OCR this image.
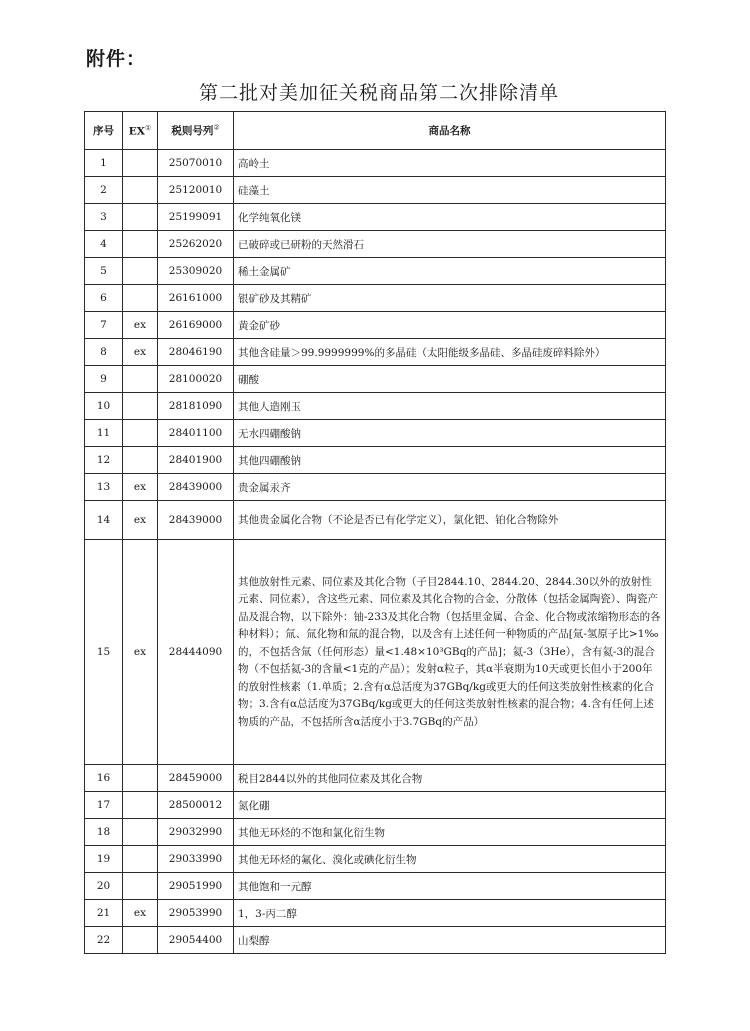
附件：
第二批对美加征关税商品第二次排除清单
序号	EX①	税则号列②	商品名称
1		25070010	高岭土
2		25120010	硅藻土
3		25199091	化学纯氧化镁
4		25262020	已破碎或已研粉的天然滑石
5		25309020	稀土金属矿
6		26161000	银矿砂及其精矿
7	ex	26169000	黄金矿砂
8	ex	28046190	其他含硅量＞99.9999999%的多晶硅（太阳能级多晶硅、多晶硅废碎料除外）
9		28100020	硼酸
10		28181090	其他人造刚玉
11		28401100	无水四硼酸钠
12		28401900	其他四硼酸钠
13	ex	28439000	贵金属汞齐
14	ex	28439000	其他贵金属化合物（不论是否已有化学定义），氯化钯、铂化合物除外
15	ex	28444090	其他放射性元素、同位素及其化合物（子目2844.10、2844.20、2844.30以外的放射性元素、同位素），含这些元素、同位素及其化合物的合金、分散体（包括金属陶瓷）、陶瓷产品及混合物，以下除外：铀-233及其化合物（包括里金属、合金、化合物或浓缩物形态的各种材料）；氚、氚化物和氚的混合物，以及含有上述任何一种物质的产品[氚-氢原子比>1‰的，不包括含氚（任何形态）量<1.48×10³GBq的产品]；氦-3（3He），含有氦-3的混合物（不包括氦-3的含量<1克的产品）；发射α粒子，其α半衰期为10天或更长但小于200年的放射性核素（1.单质；2.含有α总活度为37GBq/kg或更大的任何这类放射性核素的化合物；3.含有α总活度为37GBq/kg或更大的任何这类放射性核素的混合物；4.含有任何上述物质的产品，不包括所含α活度小于3.7GBq的产品）
16		28459000	税目2844以外的其他同位素及其化合物
17		28500012	氮化硼
18		29032990	其他无环烃的不饱和氯化衍生物
19		29033990	其他无环烃的氟化、溴化或碘化衍生物
20		29051990	其他饱和一元醇
21	ex	29053990	1，3-丙二醇
22		29054400	山梨醇
